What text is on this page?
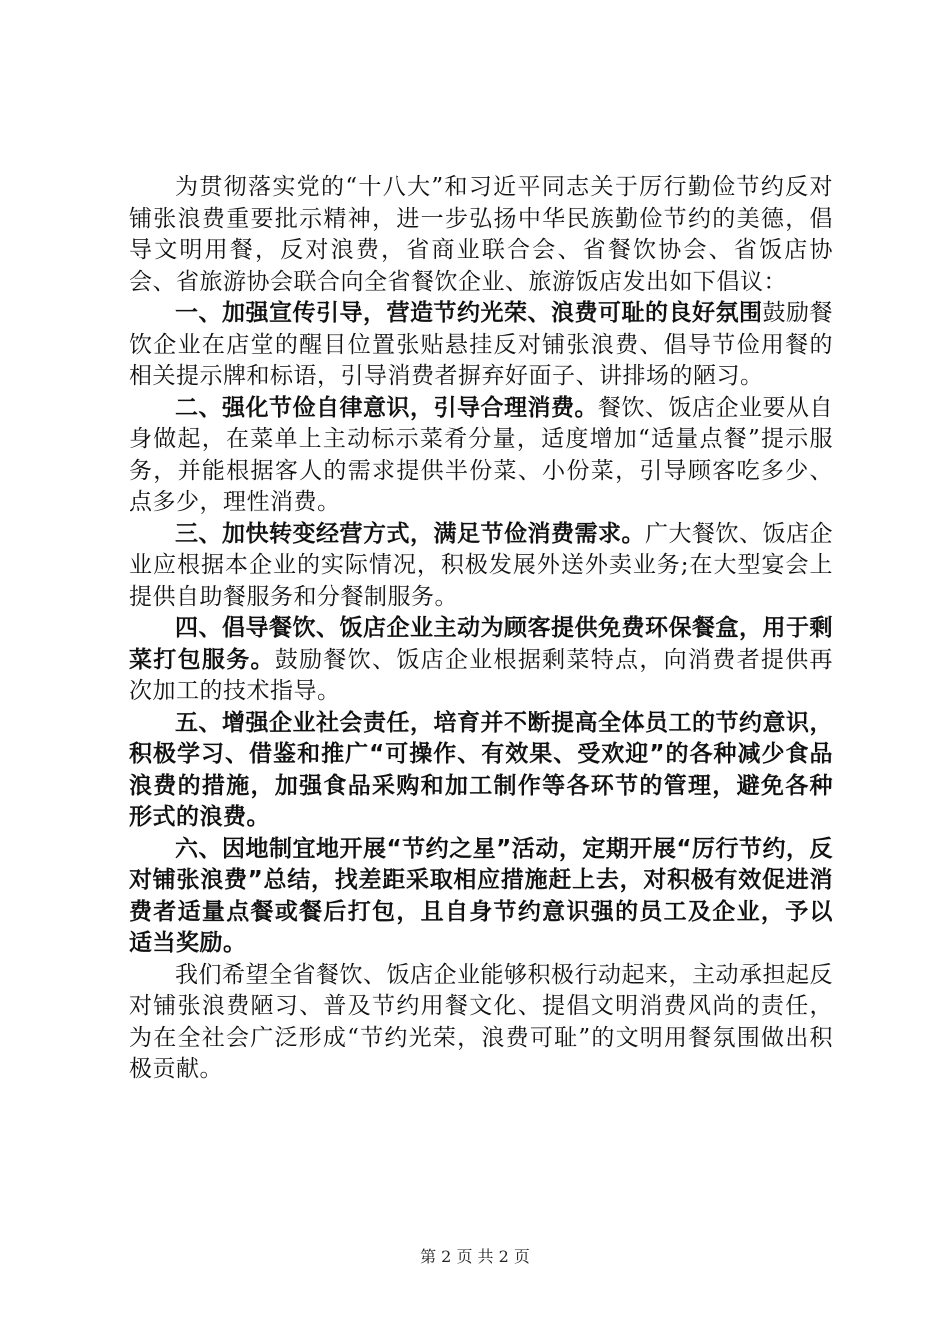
为贯彻落实党的“十八大”和习近平同志关于厉行勤俭节约反对铺张浪费重要批示精神，进一步弘扬中华民族勤俭节约的美德，倡导文明用餐，反对浪费，省商业联合会、省餐饮协会、省饭店协会、省旅游协会联合向全省餐饮企业、旅游饭店发出如下倡议：

一、加强宣传引导，营造节约光荣、浪费可耻的良好氛围鼓励餐饮企业在店堂的醒目位置张贴悬挂反对铺张浪费、倡导节俭用餐的相关提示牌和标语，引导消费者摒弃好面子、讲排场的陋习。

二、强化节俭自律意识，引导合理消费。餐饮、饭店企业要从自身做起，在菜单上主动标示菜肴分量，适度增加“适量点餐”提示服务，并能根据客人的需求提供半份菜、小份菜，引导顾客吃多少、点多少，理性消费。

三、加快转变经营方式，满足节俭消费需求。广大餐饮、饭店企业应根据本企业的实际情况，积极发展外送外卖业务;在大型宴会上提供自助餐服务和分餐制服务。

四、倡导餐饮、饭店企业主动为顾客提供免费环保餐盒，用于剩菜打包服务。鼓励餐饮、饭店企业根据剩菜特点，向消费者提供再次加工的技术指导。

五、增强企业社会责任，培育并不断提高全体员工的节约意识，积极学习、借鉴和推广“可操作、有效果、受欢迎”的各种减少食品浪费的措施，加强食品采购和加工制作等各环节的管理，避免各种形式的浪费。

六、因地制宜地开展“节约之星”活动，定期开展“厉行节约，反对铺张浪费”总结，找差距采取相应措施赶上去，对积极有效促进消费者适量点餐或餐后打包，且自身节约意识强的员工及企业，予以适当奖励。

我们希望全省餐饮、饭店企业能够积极行动起来，主动承担起反对铺张浪费陋习、普及节约用餐文化、提倡文明消费风尚的责任，为在全社会广泛形成“节约光荣，浪费可耻”的文明用餐氛围做出积极贡献。

第 2 页 共 2 页
